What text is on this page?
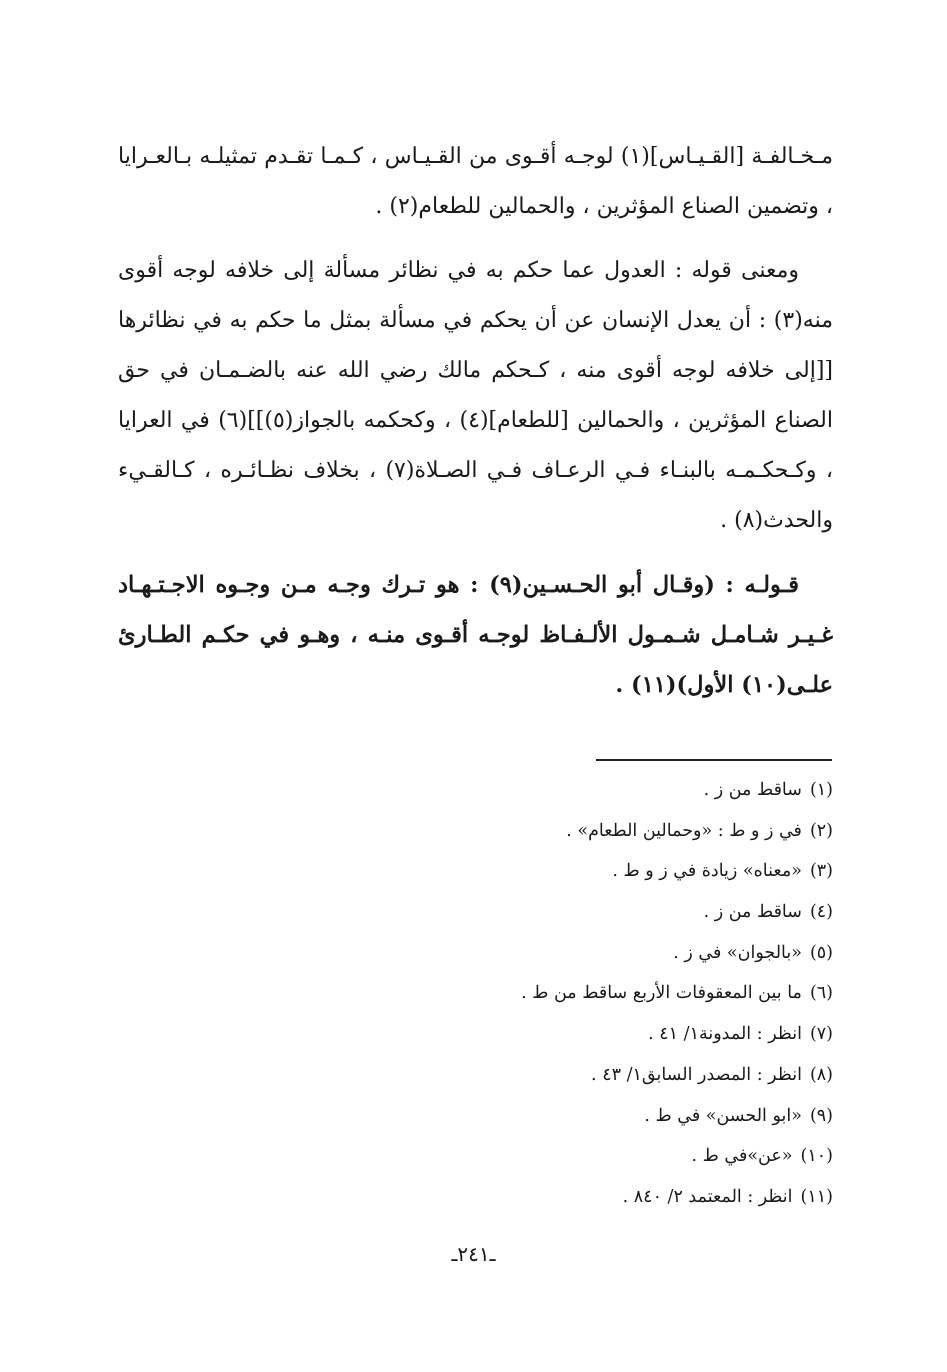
مـخـالفـة [القـيـاس](١) لوجـه أقـوى من القـيـاس ، كـمـا تقـدم تمثيلـه بـالعـرايا ، وتضمين الصناع المؤثرين ، والحمالين للطعام(٢) .

ومعنى قوله : العدول عما حكم به في نظائر مسألة إلى خلافه لوجه أقوى منه(٣) : أن يعدل الإنسان عن أن يحكم في مسألة بمثل ما حكم به في نظائرها [[إلى خلافه لوجه أقوى منه ، كـحكم مالك رضي الله عنه بالضـمـان في حق الصناع المؤثرين ، والحمالين [للطعام](٤) ، وكحكمه بالجواز(٥)]](٦) في العرايا ، وكـحكـمـه بالبنـاء فـي الرعـاف فـي الصـلاة(٧) ، بخلاف نظـائـره ، كـالقـيء والحدث(٨) .

قـولـه : (وقـال أبو الحـسـين(٩) : هو تـرك وجـه مـن وجـوه الاجـتـهـاد غـيـر شـامـل شـمـول الألـفـاظ لوجـه أقـوى منـه ، وهـو في حكـم الطـارئ علـى(١٠) الأول)(١١) .

(١)ساقط من ز .
(٢)في ز و ط : «وحمالين الطعام» .
(٣)«معناه» زيادة في ز و ط .
(٤)ساقط من ز .
(٥)«بالجوان» في ز .
(٦)ما بين المعقوفات الأربع ساقط من ط .
(٧)انظر : المدونة١/ ٤١ .
(٨)انظر : المصدر السابق١/ ٤٣ .
(٩)«ابو الحسن» في ط .
(١٠)«عن»في ط .
(١١)انظر : المعتمد ٢/ ٨٤٠ .
ـ٢٤١ـ
